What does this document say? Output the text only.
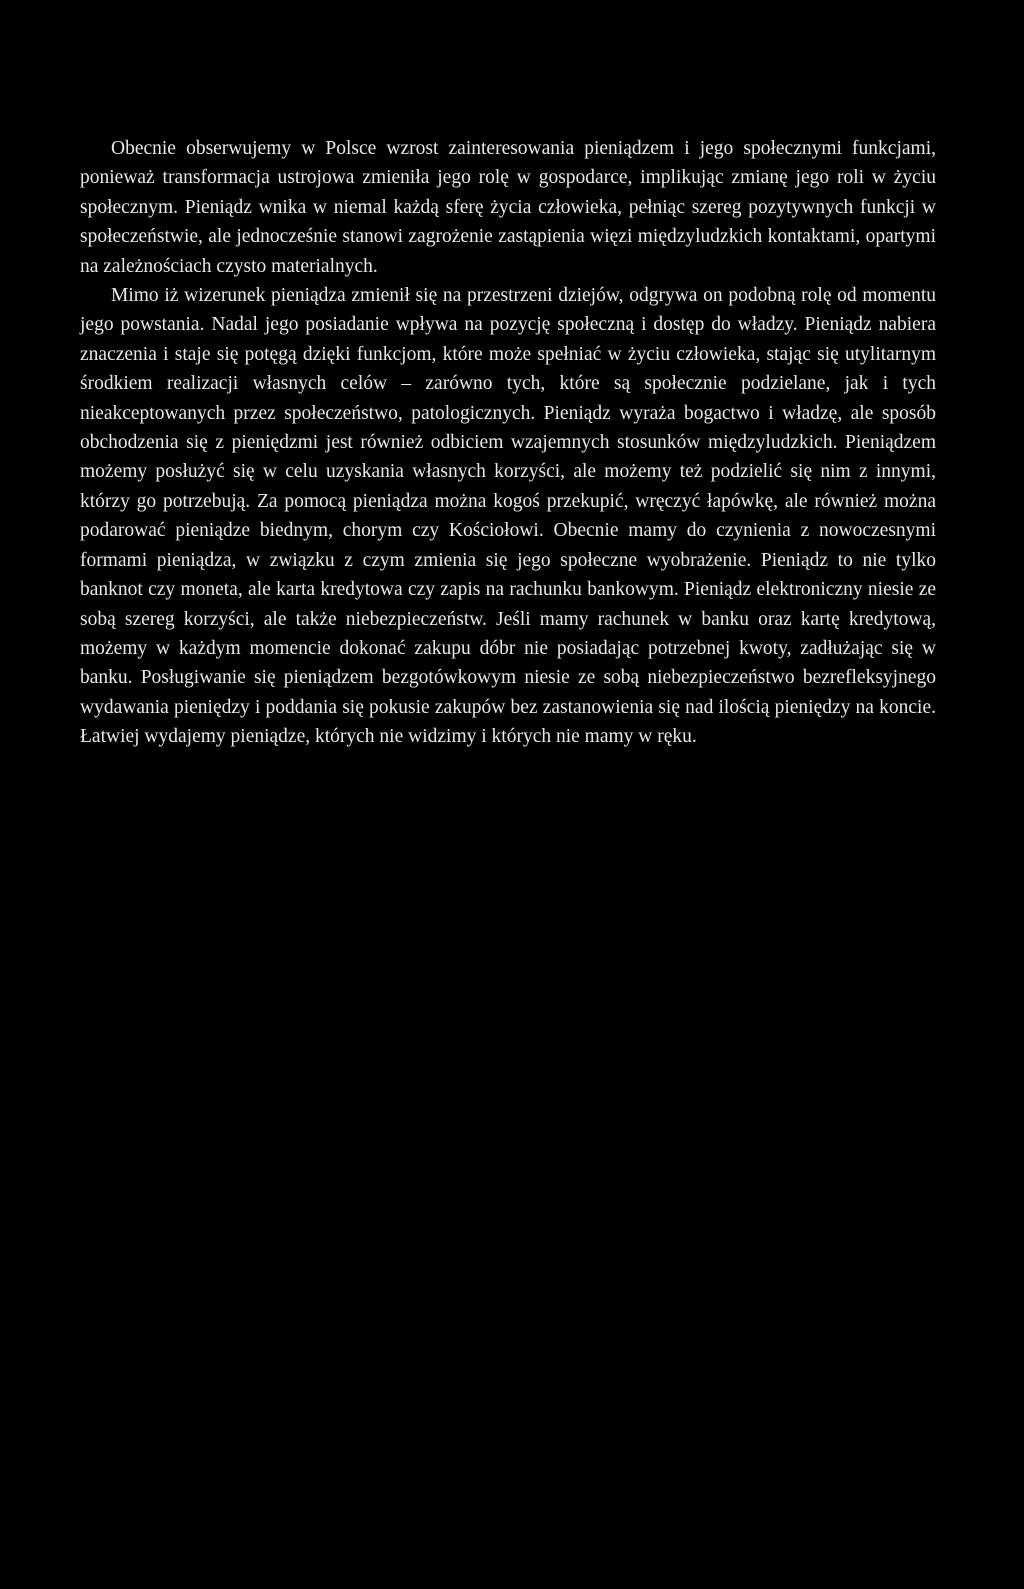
Obecnie obserwujemy w Polsce wzrost zainteresowania pieniądzem i jego społecznymi funkcjami, ponieważ transformacja ustrojowa zmieniła jego rolę w gospodarce, implikując zmianę jego roli w życiu społecznym. Pieniądz wnika w niemal każdą sferę życia człowieka, pełniąc szereg pozytywnych funkcji w społeczeństwie, ale jednocześnie stanowi zagrożenie zastąpienia więzi międzyludzkich kontaktami, opartymi na zależnościach czysto materialnych.

Mimo iż wizerunek pieniądza zmienił się na przestrzeni dziejów, odgrywa on podobną rolę od momentu jego powstania. Nadal jego posiadanie wpływa na pozycję społeczną i dostęp do władzy. Pieniądz nabiera znaczenia i staje się potęgą dzięki funkcjom, które może spełniać w życiu człowieka, stając się utylitarnym środkiem realizacji własnych celów – zarówno tych, które są społecznie podzielane, jak i tych nieakceptowanych przez społeczeństwo, patologicznych. Pieniądz wyraża bogactwo i władzę, ale sposób obchodzenia się z pieniędzmi jest również odbiciem wzajemnych stosunków międzyludzkich. Pieniądzem możemy posłużyć się w celu uzyskania własnych korzyści, ale możemy też podzielić się nim z innymi, którzy go potrzebują. Za pomocą pieniądza można kogoś przekupić, wręczyć łapówkę, ale również można podarować pieniądze biednym, chorym czy Kościołowi. Obecnie mamy do czynienia z nowoczesnymi formami pieniądza, w związku z czym zmienia się jego społeczne wyobrażenie. Pieniądz to nie tylko banknot czy moneta, ale karta kredytowa czy zapis na rachunku bankowym. Pieniądz elektroniczny niesie ze sobą szereg korzyści, ale także niebezpieczeństw. Jeśli mamy rachunek w banku oraz kartę kredytową, możemy w każdym momencie dokonać zakupu dóbr nie posiadając potrzebnej kwoty, zadłużając się w banku. Posługiwanie się pieniądzem bezgotówkowym niesie ze sobą niebezpieczeństwo bezrefleksyjnego wydawania pieniędzy i poddania się pokusie zakupów bez zastanowienia się nad ilością pieniędzy na koncie. Łatwiej wydajemy pieniądze, których nie widzimy i których nie mamy w ręku.
